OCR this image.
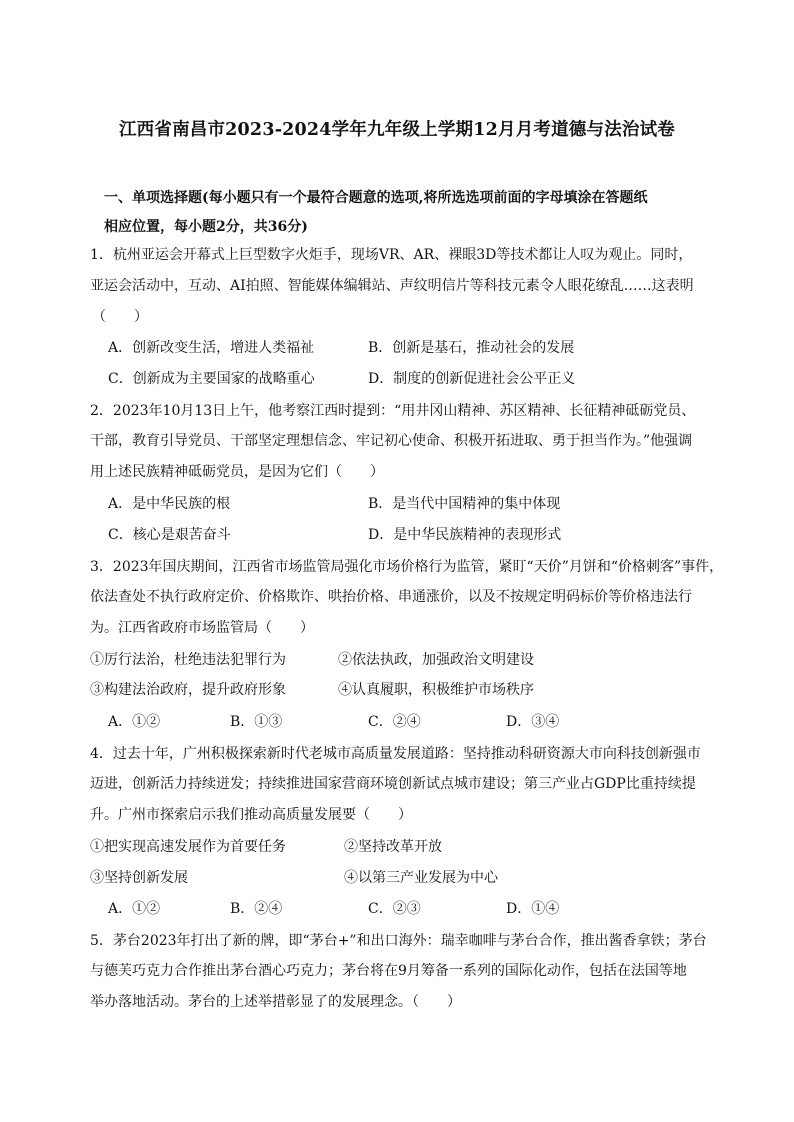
江西省南昌市2023-2024学年九年级上学期12月月考道德与法治试卷
一、单项选择题(每小题只有一个最符合题意的选项,将所选选项前面的字母填涂在答题纸
相应位置，每小题2分，共36分)
1．杭州亚运会开幕式上巨型数字火炬手，现场VR、AR、裸眼3D等技术都让人叹为观止。同时，
亚运会活动中，互动、AI拍照、智能媒体编辑站、声纹明信片等科技元素令人眼花缭乱……这表明
（　　）
A．创新改变生活，增进人类福祉	B．创新是基石，推动社会的发展
C．创新成为主要国家的战略重心	D．制度的创新促进社会公平正义
2．2023年10月13日上午，他考察江西时提到：“用井冈山精神、苏区精神、长征精神砥砺党员、
干部，教育引导党员、干部坚定理想信念、牢记初心使命、积极开拓进取、勇于担当作为。”他强调
用上述民族精神砥砺党员，是因为它们（　　）
A．是中华民族的根	B．是当代中国精神的集中体现
C．核心是艰苦奋斗	D．是中华民族精神的表现形式
3．2023年国庆期间，江西省市场监管局强化市场价格行为监管，紧盯“天价”月饼和“价格刺客”事件，
依法查处不执行政府定价、价格欺诈、哄抬价格、串通涨价，以及不按规定明码标价等价格违法行
为。江西省政府市场监管局（　　）
①厉行法治，杜绝违法犯罪行为	②依法执政，加强政治文明建设
③构建法治政府，提升政府形象	④认真履职，积极维护市场秩序
A．①②	B．①③	C．②④	D．③④
4．过去十年，广州积极探索新时代老城市高质量发展道路：坚持推动科研资源大市向科技创新强市
迈进，创新活力持续迸发；持续推进国家营商环境创新试点城市建设；第三产业占GDP比重持续提
升。广州市探索启示我们推动高质量发展要（　　）
①把实现高速发展作为首要任务	②坚持改革开放
③坚持创新发展	④以第三产业发展为中心
A．①②	B．②④	C．②③	D．①④
5．茅台2023年打出了新的牌，即“茅台+”和出口海外：瑞幸咖啡与茅台合作，推出酱香拿铁；茅台
与德芙巧克力合作推出茅台酒心巧克力；茅台将在9月筹备一系列的国际化动作，包括在法国等地
举办落地活动。茅台的上述举措彰显了的发展理念。（　　）
